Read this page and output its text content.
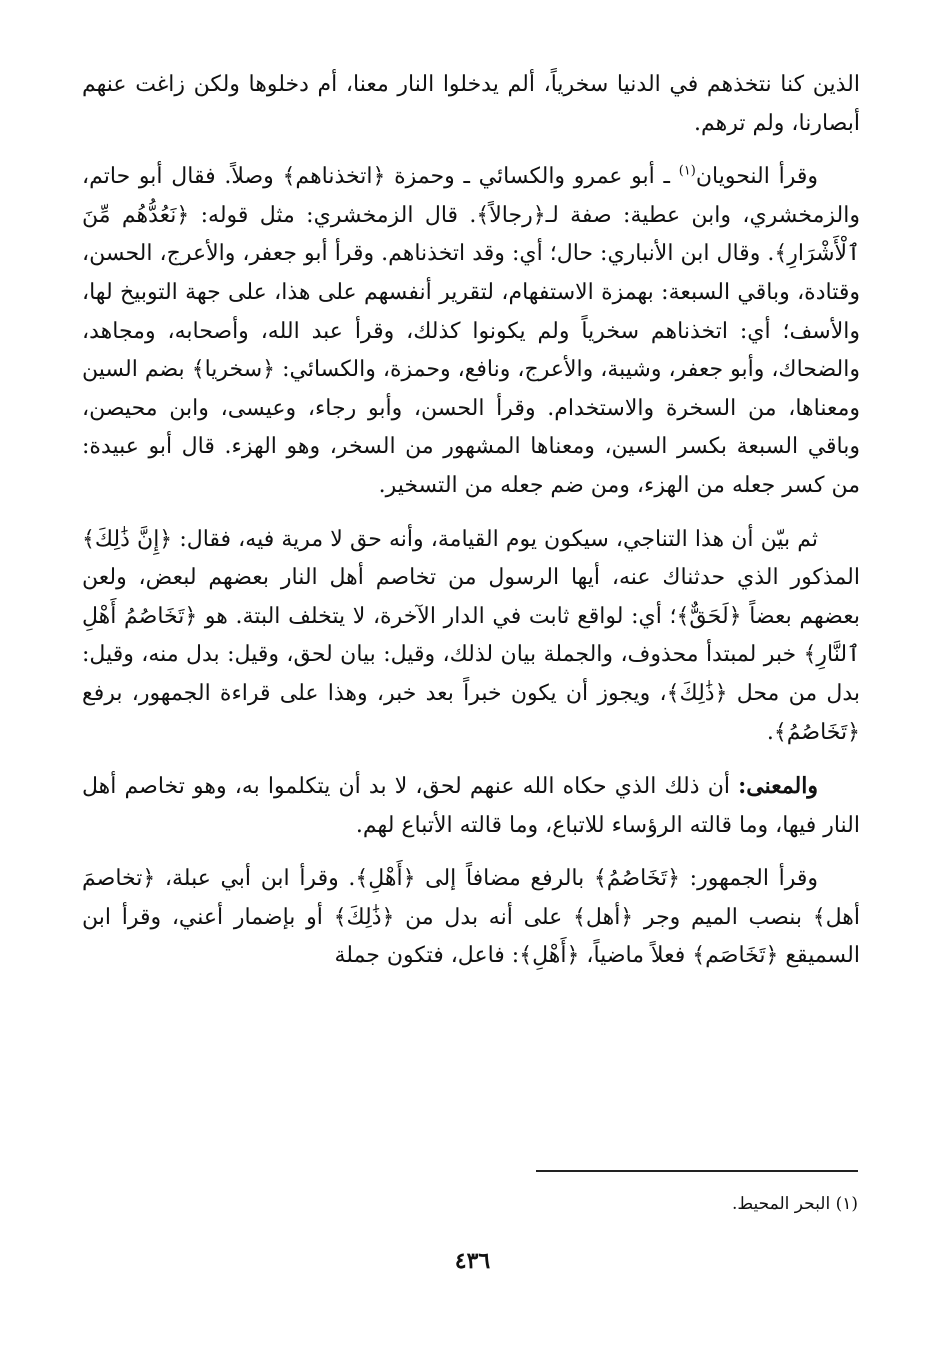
الذين كنا نتخذهم في الدنيا سخرياً، ألم يدخلوا النار معنا، أم دخلوها ولكن زاغت عنهم أبصارنا، ولم ترهم.

وقرأ النحويان$^{(١)}$ ـ أبو عمرو والكسائي ـ وحمزة ﴿اتخذناهم﴾ وصلاً. فقال أبو حاتم، والزمخشري، وابن عطية: صفة لـ﴿رجالاً﴾. قال الزمخشري: مثل قوله: ﴿نَعُدُّهُم مِّنَ ٱلْأَشْرَارِ﴾. وقال ابن الأنباري: حال؛ أي: وقد اتخذناهم. وقرأ أبو جعفر، والأعرج، الحسن، وقتادة، وباقي السبعة: بهمزة الاستفهام، لتقرير أنفسهم على هذا، على جهة التوبيخ لها، والأسف؛ أي: اتخذناهم سخرياً ولم يكونوا كذلك، وقرأ عبد الله، وأصحابه، ومجاهد، والضحاك، وأبو جعفر، وشيبة، والأعرج، ونافع، وحمزة، والكسائي: ﴿سخريا﴾ بضم السين ومعناها، من السخرة والاستخدام. وقرأ الحسن، وأبو رجاء، وعيسى، وابن محيصن، وباقي السبعة بكسر السين، ومعناها المشهور من السخر، وهو الهزء. قال أبو عبيدة: من كسر جعله من الهزء، ومن ضم جعله من التسخير.

ثم بيّن أن هذا التناجي، سيكون يوم القيامة، وأنه حق لا مرية فيه، فقال: ﴿إِنَّ ذَٰلِكَ﴾ المذكور الذي حدثناك عنه، أيها الرسول من تخاصم أهل النار بعضهم لبعض، ولعن بعضهم بعضاً ﴿لَحَقٌّ﴾؛ أي: لواقع ثابت في الدار الآخرة، لا يتخلف البتة. هو ﴿تَخَاصُمُ أَهْلِ ٱلنَّارِ﴾ خبر لمبتدأ محذوف، والجملة بيان لذلك، وقيل: بيان لحق، وقيل: بدل منه، وقيل: بدل من محل ﴿ذَٰلِكَ﴾، ويجوز أن يكون خبراً بعد خبر، وهذا على قراءة الجمهور، برفع ﴿تَخَاصُمُ﴾.

والمعنى: أن ذلك الذي حكاه الله عنهم لحق، لا بد أن يتكلموا به، وهو تخاصم أهل النار فيها، وما قالته الرؤساء للاتباع، وما قالته الأتباع لهم.

وقرأ الجمهور: ﴿تَخَاصُمُ﴾ بالرفع مضافاً إلى ﴿أَهْلِ﴾. وقرأ ابن أبي عبلة، ﴿تخاصمَ أهل﴾ بنصب الميم وجر ﴿أهل﴾ على أنه بدل من ﴿ذَٰلِكَ﴾ أو بإضمار أعني، وقرأ ابن السميقع ﴿تَخَاصَم﴾ فعلاً ماضياً، ﴿أَهْلِ﴾: فاعل، فتكون جملة

(١) البحر المحيط.
٤٣٦
